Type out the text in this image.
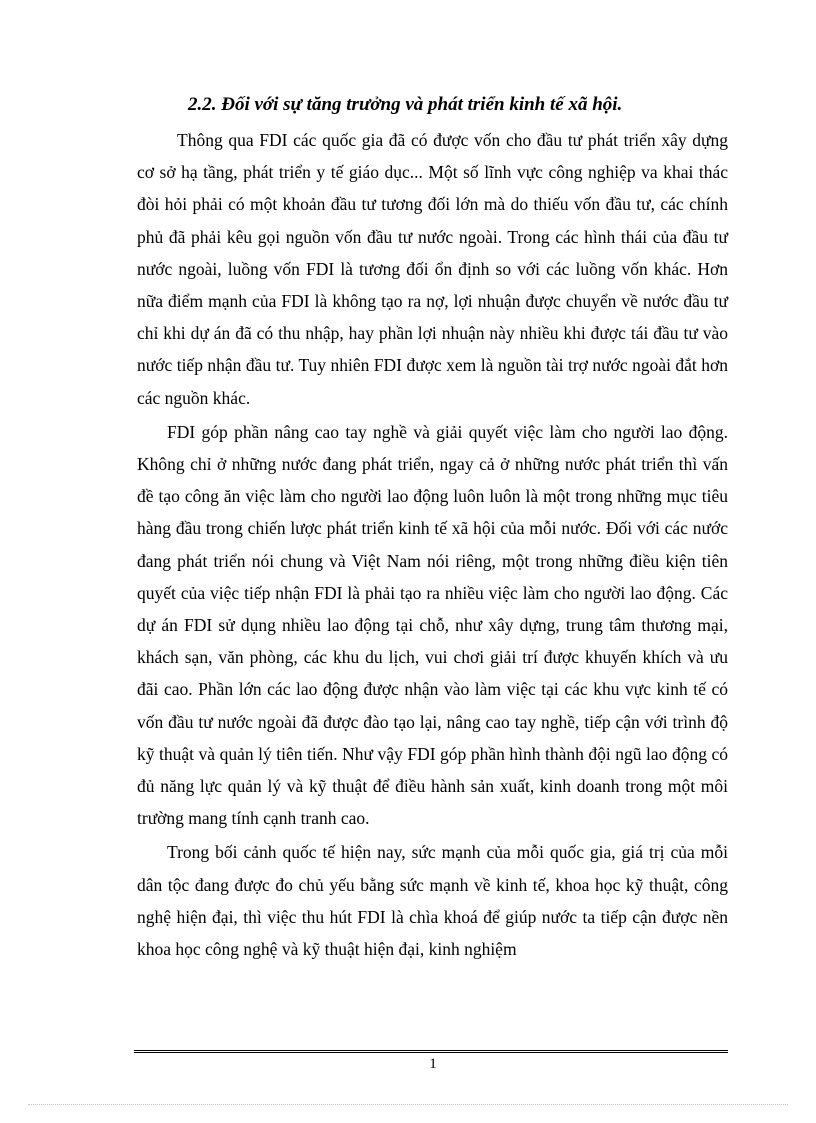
2.2. Đối với sự tăng trưởng và phát triển kinh tế xã hội.

Thông qua FDI các quốc gia đã có được vốn cho đầu tư phát triển xây dựng cơ sở hạ tầng, phát triển y tế giáo dục... Một số lĩnh vực công nghiệp va khai thác đòi hỏi phải có một khoản đầu tư tương đối lớn mà do thiếu vốn đầu tư, các chính phủ đã phải kêu gọi nguồn vốn đầu tư nước ngoài. Trong các hình thái của đầu tư nước ngoài, luồng vốn FDI là tương đối ổn định so với các luồng vốn khác. Hơn nữa điểm mạnh của FDI là không tạo ra nợ, lợi nhuận được chuyển về nước đầu tư chỉ khi dự án đã có thu nhập, hay phần lợi nhuận này nhiều khi được tái đầu tư vào nước tiếp nhận đầu tư. Tuy nhiên FDI được xem là nguồn tài trợ nước ngoài đắt hơn các nguồn khác.

FDI góp phần nâng cao tay nghề và giải quyết việc làm cho người lao động. Không chỉ ở những nước đang phát triển, ngay cả ở những nước phát triển thì vấn đề tạo công ăn việc làm cho người lao động luôn luôn là một trong những mục tiêu hàng đầu trong chiến lược phát triển kinh tế xã hội của mỗi nước. Đối với các nước đang phát triển nói chung và Việt Nam nói riêng, một trong những điều kiện tiên quyết của việc tiếp nhận FDI là phải tạo ra nhiều việc làm cho người lao động. Các dự án FDI sử dụng nhiều lao động tại chỗ, như xây dựng, trung tâm thương mại, khách sạn, văn phòng, các khu du lịch, vui chơi giải trí được khuyến khích và ưu đãi cao. Phần lớn các lao động được nhận vào làm việc tại các khu vực kinh tế có vốn đầu tư nước ngoài đã được đào tạo lại, nâng cao tay nghề, tiếp cận với trình độ kỹ thuật và quản lý tiên tiến. Như vậy FDI góp phần hình thành đội ngũ lao động có đủ năng lực quản lý và kỹ thuật để điều hành sản xuất, kinh doanh trong một môi trường mang tính cạnh tranh cao.

Trong bối cảnh quốc tế hiện nay, sức mạnh của mỗi quốc gia, giá trị của mỗi dân tộc đang được đo chủ yếu bằng sức mạnh về kinh tế, khoa học kỹ thuật, công nghệ hiện đại, thì việc thu hút FDI là chìa khoá để giúp nước ta tiếp cận được nền khoa học công nghệ và kỹ thuật hiện đại, kinh nghiệm

1
